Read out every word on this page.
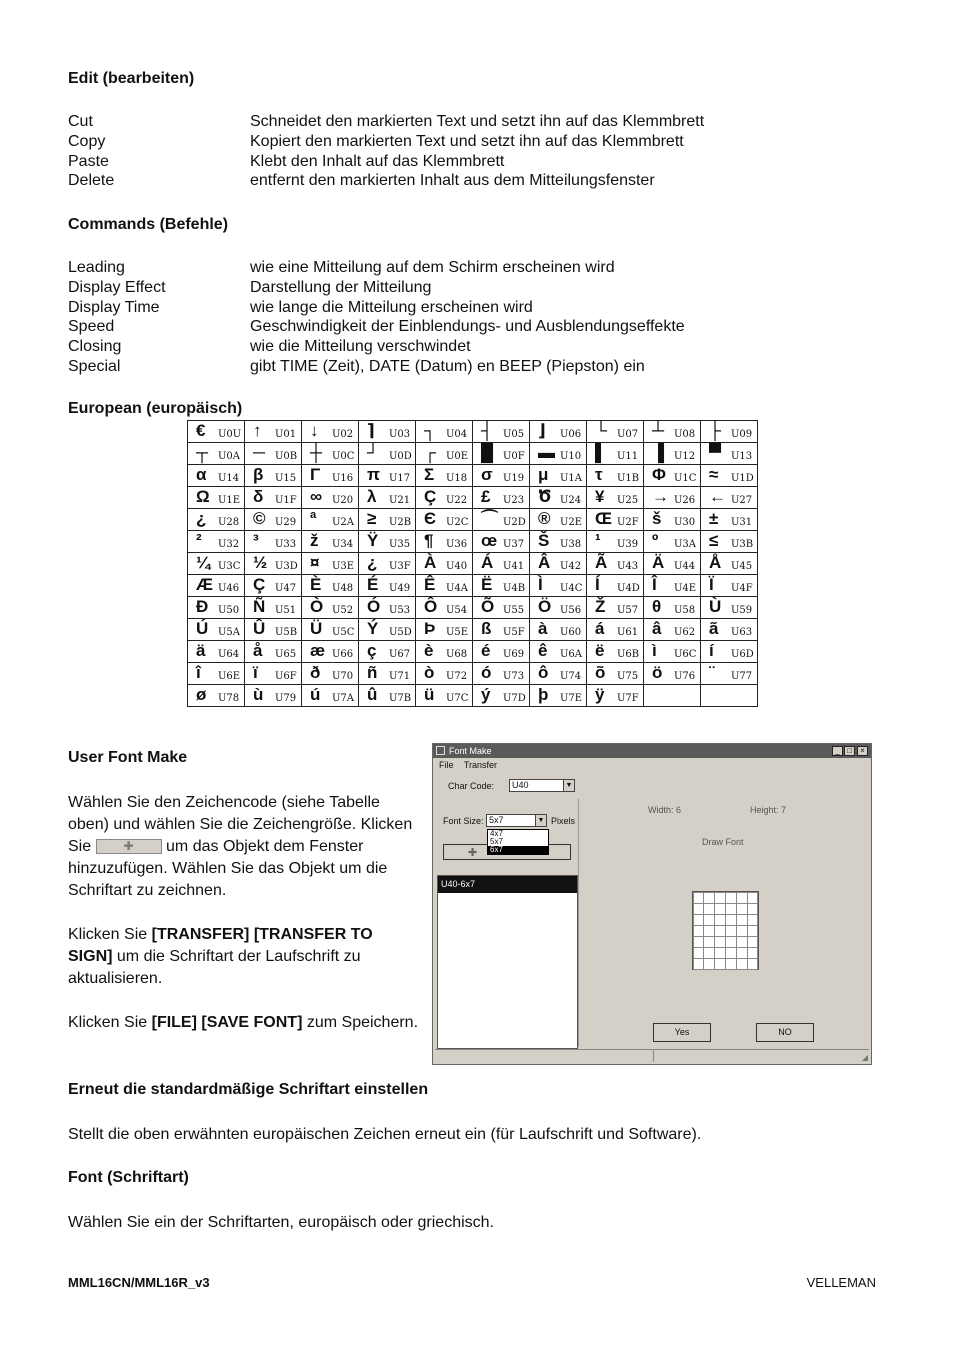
Edit (bearbeiten)
Cut	Schneidet den markierten Text und setzt ihn auf das Klemmbrett
Copy	Kopiert den markierten Text und setzt ihn auf das Klemmbrett
Paste	Klebt den Inhalt auf das Klemmbrett
Delete	entfernt den markierten Inhalt aus dem Mitteilungsfenster
Commands (Befehle)
Leading	wie eine Mitteilung auf dem Schirm erscheinen wird
Display Effect	Darstellung der Mitteilung
Display Time	wie lange die Mitteilung erscheinen wird
Speed	Geschwindigkeit der Einblendungs- und Ausblendungseffekte
Closing	wie die Mitteilung verschwindet
Special	gibt TIME (Zeit), DATE (Datum) en BEEP (Piepston) ein
European (europäisch)
€ U0U	↑ U01	↓ U02	⌉ U03	┐ U04	┤ U05	⌋ U06	└ U07	┴ U08	├ U09

┬ U0A	─ U0B	┼ U0C	┘ U0D	┌ U0E	█ U0F	▬ U10	▌ U11	▐ U12	▀ U13

α U14	β U15	Γ U16	π U17	Σ U18	σ U19	μ U1A	τ U1B	Φ U1C	≈ U1D

Ω U1E	δ U1F	∞ U20	λ U21	Ç U22	£ U23	Ծ U24	¥ U25	→ U26	← U27

¿ U28	© U29	ª U2A	≥ U2B	Є U2C	⌒ U2D	® U2E	Œ U2F	š U30	± U31

² U32	³ U33	ž U34	Ÿ U35	¶ U36	œ U37	Š U38	¹ U39	º U3A	≤ U3B

¼ U3C	½ U3D	¤ U3E	¿ U3F	À U40	Á U41	Â U42	Ã U43	Ä U44	Å U45

Æ U46	Ç U47	È U48	É U49	Ê U4A	Ë U4B	Ì U4C	Í U4D	Î U4E	Ï U4F

Đ U50	Ñ U51	Ò U52	Ó U53	Ô U54	Õ U55	Ö U56	Ž U57	θ U58	Ù U59

Ú U5A	Û U5B	Ü U5C	Ý U5D	Þ U5E	ß U5F	à U60	á U61	â U62	ã U63

ä U64	å U65	æ U66	ç U67	è U68	é U69	ê U6A	ë U6B	ì U6C	í U6D

î U6E	ï U6F	ð U70	ñ U71	ò U72	ó U73	ô U74	õ U75	ö U76	¨ U77

ø U78	ù U79	ú U7A	û U7B	ü U7C	ý U7D	þ U7E	ÿ U7F		

User Font Make
Wählen Sie den Zeichencode (siehe Tabelle oben) und wählen Sie die Zeichengröße. Klicken Sie	✚ um das Objekt dem Fenster hinzuzufügen. Wählen Sie das Objekt um die Schriftart zu zeichnen.
Klicken Sie [TRANSFER] [TRANSFER TO SIGN] um die Schriftart der Laufschrift zu aktualisieren.
Klicken Sie [FILE] [SAVE FONT] zum Speichern.
Font Make	_ □	×
File Transfer
Char Code:	U40	▼
Font Size: 5x7	▼ Pixels
✚
4x7
5x7
6x7
U40-6x7
Width: 6	Height: 7
Draw Font
Yes	NO
◢
Erneut die standardmäßige Schriftart einstellen
Stellt die oben erwähnten europäischen Zeichen erneut ein (für Laufschrift und Software).
Font (Schriftart)
Wählen Sie ein der Schriftarten, europäisch oder griechisch.
MML16CN/MML16R_v3	VELLEMAN
